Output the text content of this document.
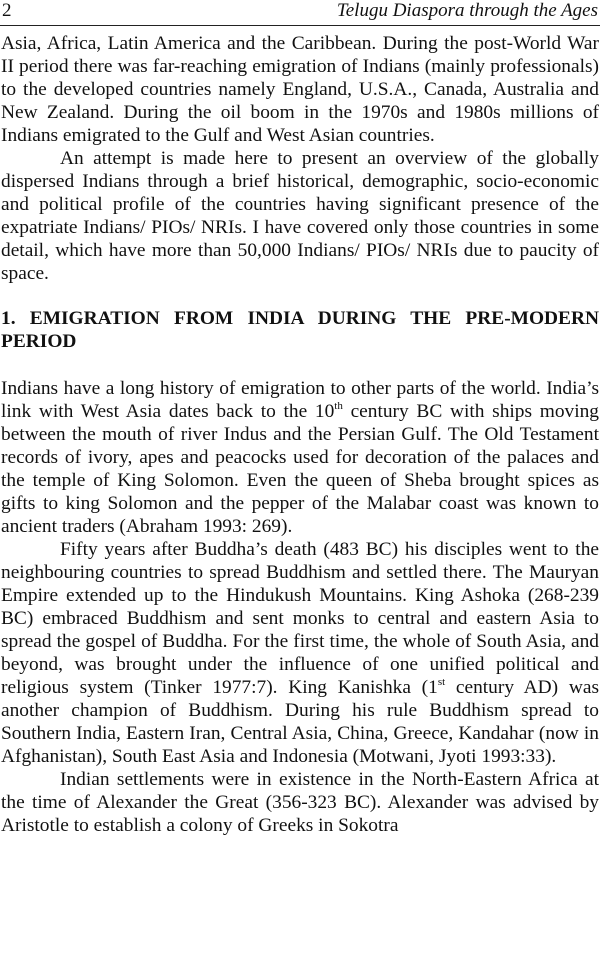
2	Telugu Diaspora through the Ages

Asia, Africa, Latin America and the Caribbean. During the post-World War II period there was far-reaching emigration of Indians (mainly professionals) to the developed countries namely England, U.S.A., Canada, Australia and New Zealand. During the oil boom in the 1970s and 1980s millions of Indians emigrated to the Gulf and West Asian countries.

An attempt is made here to present an overview of the globally dispersed Indians through a brief historical, demographic, socio-economic and political profile of the countries having significant presence of the expatriate Indians/ PIOs/ NRIs. I have covered only those countries in some detail, which have more than 50,000 Indians/ PIOs/ NRIs due to paucity of space.

1. EMIGRATION FROM INDIA DURING THE PRE-MODERN PERIOD

Indians have a long history of emigration to other parts of the world. India’s link with West Asia dates back to the 10th century BC with ships moving between the mouth of river Indus and the Persian Gulf. The Old Testament records of ivory, apes and peacocks used for decoration of the palaces and the temple of King Solomon. Even the queen of Sheba brought spices as gifts to king Solomon and the pepper of the Malabar coast was known to ancient traders (Abraham 1993: 269).

Fifty years after Buddha’s death (483 BC) his disciples went to the neighbouring countries to spread Buddhism and settled there. The Mauryan Empire extended up to the Hindukush Mountains. King Ashoka (268-239 BC) embraced Buddhism and sent monks to central and eastern Asia to spread the gospel of Buddha. For the first time, the whole of South Asia, and beyond, was brought under the influence of one unified political and religious system (Tinker 1977:7). King Kanishka (1st century AD) was another champion of Buddhism. During his rule Buddhism spread to Southern India, Eastern Iran, Central Asia, China, Greece, Kandahar (now in Afghanistan), South East Asia and Indonesia (Motwani, Jyoti 1993:33).

Indian settlements were in existence in the North-Eastern Africa at the time of Alexander the Great (356-323 BC). Alexander was advised by Aristotle to establish a colony of Greeks in Sokotra
